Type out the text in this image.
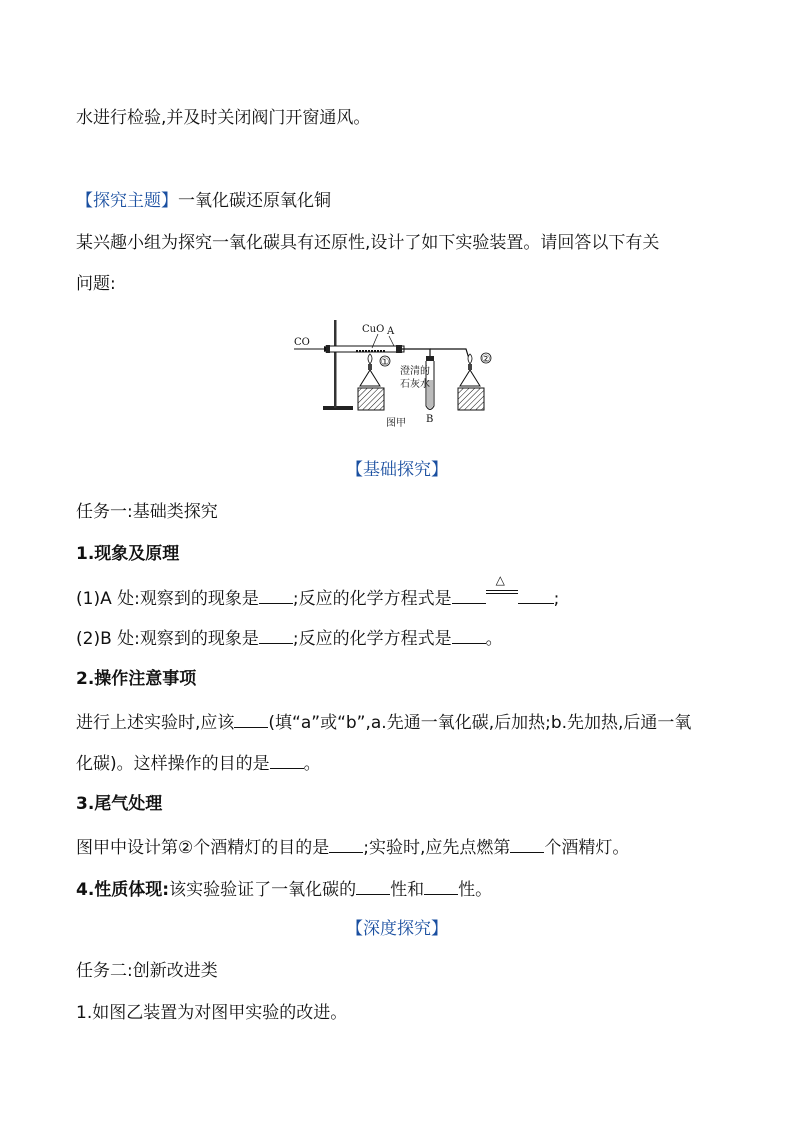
水进行检验,并及时关闭阀门开窗通风。
【探究主题】一氧化碳还原氧化铜
某兴趣小组为探究一氧化碳具有还原性,设计了如下实验装置。请回答以下有关
问题:
CO
CuO A
澄清的
石灰水
B
①	②
图甲
【基础探究】
任务一:基础类探究
1.现象及原理
(1)A 处:观察到的现象是 ;反应的化学方程式是
△
;
(2)B 处:观察到的现象是 ;反应的化学方程式是 。
2.操作注意事项
进行上述实验时,应该 (填“a”或“b”,a.先通一氧化碳,后加热;b.先加热,后通一氧
化碳)。这样操作的目的是 。
3.尾气处理
图甲中设计第②个酒精灯的目的是 ;实验时,应先点燃第 个酒精灯。
4.性质体现:该实验验证了一氧化碳的 性和 性。
【深度探究】
任务二:创新改进类
1.如图乙装置为对图甲实验的改进。
